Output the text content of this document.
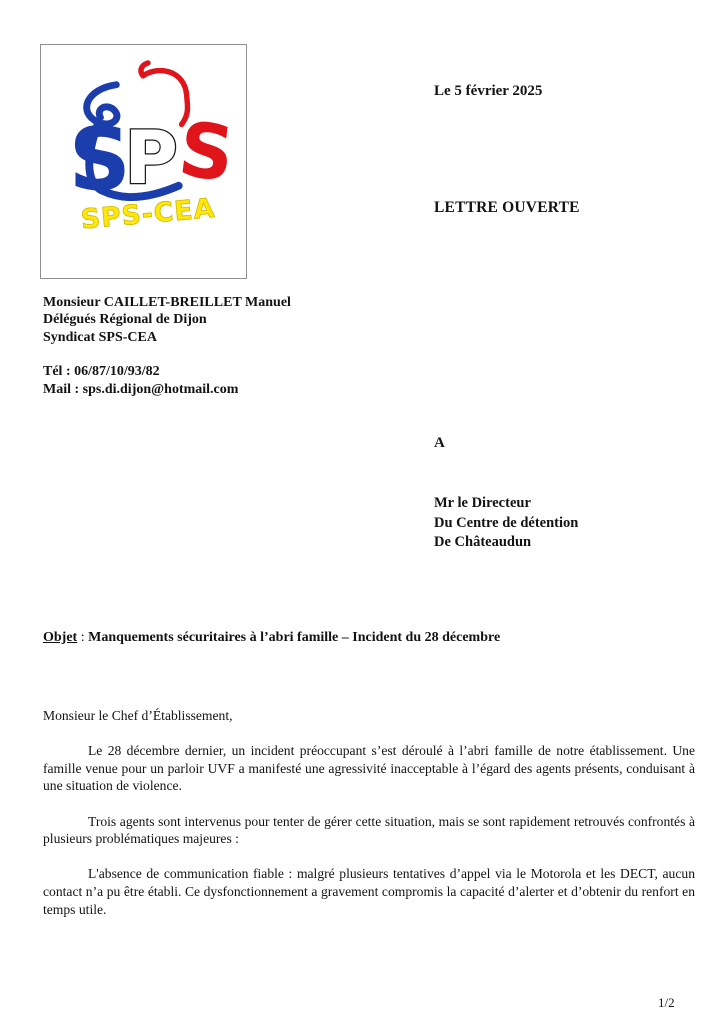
S
P
S
SPS-CEA
Le 5 février 2025
LETTRE OUVERTE
Monsieur CAILLET-BREILLET Manuel
Délégués Régional de Dijon
Syndicat SPS-CEA
Tél : 06/87/10/93/82
Mail : sps.di.dijon@hotmail.com
A
Mr le Directeur
Du Centre de détention
De Châteaudun
Objet : Manquements sécuritaires à l’abri famille – Incident du 28 décembre

Monsieur le Chef d’Établissement,

Le 28 décembre dernier, un incident préoccupant s’est déroulé à l’abri famille de notre établissement. Une famille venue pour un parloir UVF a manifesté une agressivité inacceptable à l’égard des agents présents, conduisant à une situation de violence.

Trois agents sont intervenus pour tenter de gérer cette situation, mais se sont rapidement retrouvés confrontés à plusieurs problématiques majeures :

L'absence de communication fiable : malgré plusieurs tentatives d’appel via le Motorola et les DECT, aucun contact n’a pu être établi. Ce dysfonctionnement a gravement compromis la capacité d’alerter et d’obtenir du renfort en temps utile.

1/2
